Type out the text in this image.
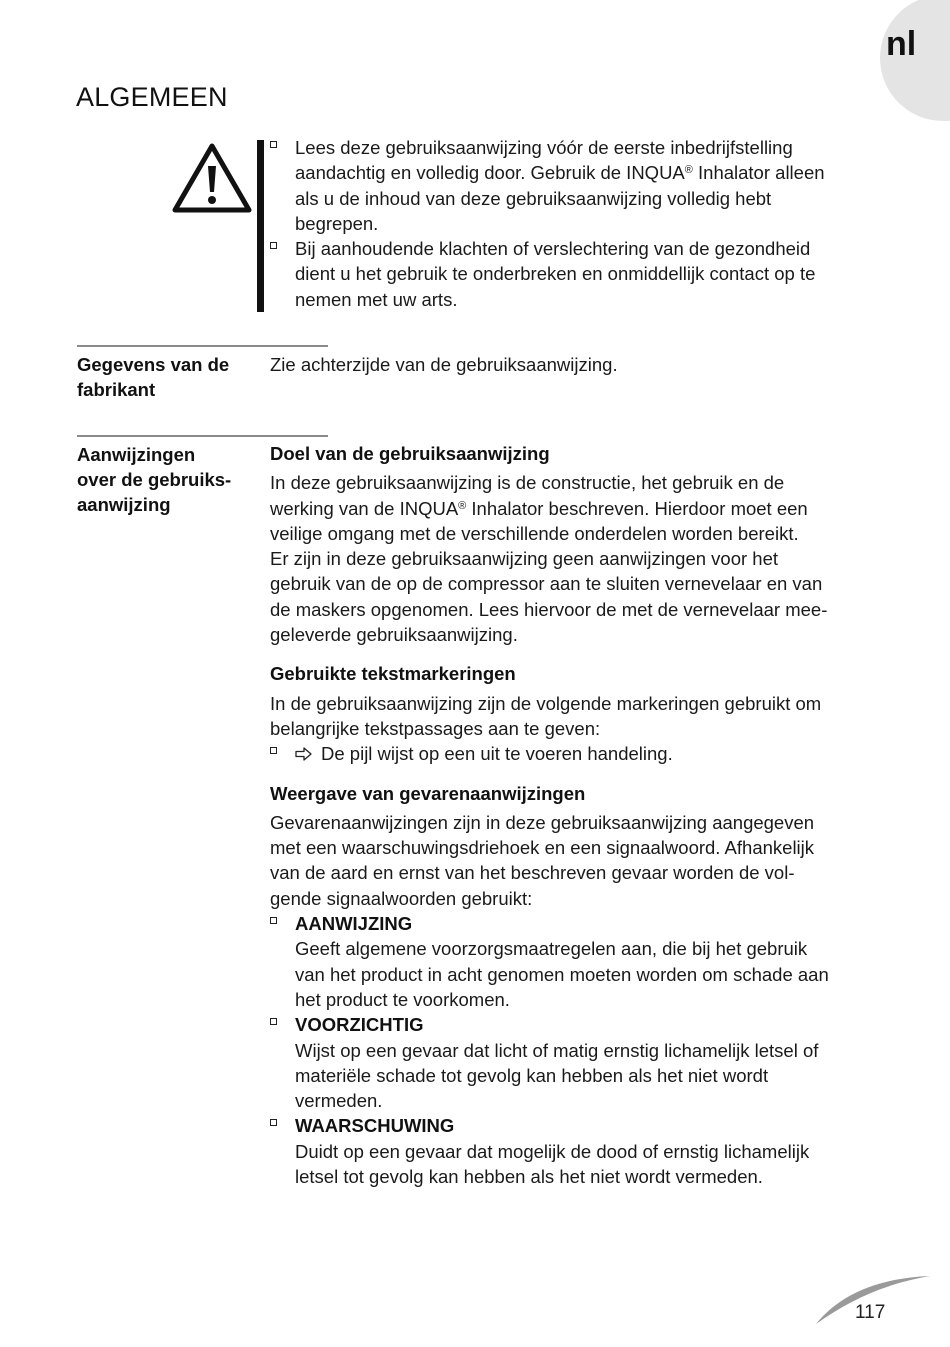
nl
ALGEMEEN
Lees deze gebruiksaanwijzing vóór de eerste inbedrijfstelling
aandachtig en volledig door. Gebruik de INQUA® Inhalator alleen
als u de inhoud van deze gebruiksaanwijzing volledig hebt
begrepen.
Bij aanhoudende klachten of verslechtering van de gezondheid
dient u het gebruik te onderbreken en onmiddellijk contact op te
nemen met uw arts.
Gegevens van de
fabrikant
Zie achterzijde van de gebruiksaanwijzing.
Aanwijzingen
over de gebruiks-
aanwijzing
Doel van de gebruiksaanwijzing
In deze gebruiksaanwijzing is de constructie, het gebruik en de
werking van de INQUA® Inhalator beschreven. Hierdoor moet een
veilige omgang met de verschillende onderdelen worden bereikt.
Er zijn in deze gebruiksaanwijzing geen aanwijzingen voor het
gebruik van de op de compressor aan te sluiten vernevelaar en van
de maskers opgenomen. Lees hiervoor de met de vernevelaar mee-
geleverde gebruiksaanwijzing.
Gebruikte tekstmarkeringen
In de gebruiksaanwijzing zijn de volgende markeringen gebruikt om
belangrijke tekstpassages aan te geven:
De pijl wijst op een uit te voeren handeling.
Weergave van gevarenaanwijzingen
Gevarenaanwijzingen zijn in deze gebruiksaanwijzing aangegeven
met een waarschuwingsdriehoek en een signaalwoord. Afhankelijk
van de aard en ernst van het beschreven gevaar worden de vol-
gende signaalwoorden gebruikt:
AANWIJZING
Geeft algemene voorzorgsmaatregelen aan, die bij het gebruik
van het product in acht genomen moeten worden om schade aan
het product te voorkomen.
VOORZICHTIG
Wijst op een gevaar dat licht of matig ernstig lichamelijk letsel of
materiële schade tot gevolg kan hebben als het niet wordt
vermeden.
WAARSCHUWING
Duidt op een gevaar dat mogelijk de dood of ernstig lichamelijk
letsel tot gevolg kan hebben als het niet wordt vermeden.
117
